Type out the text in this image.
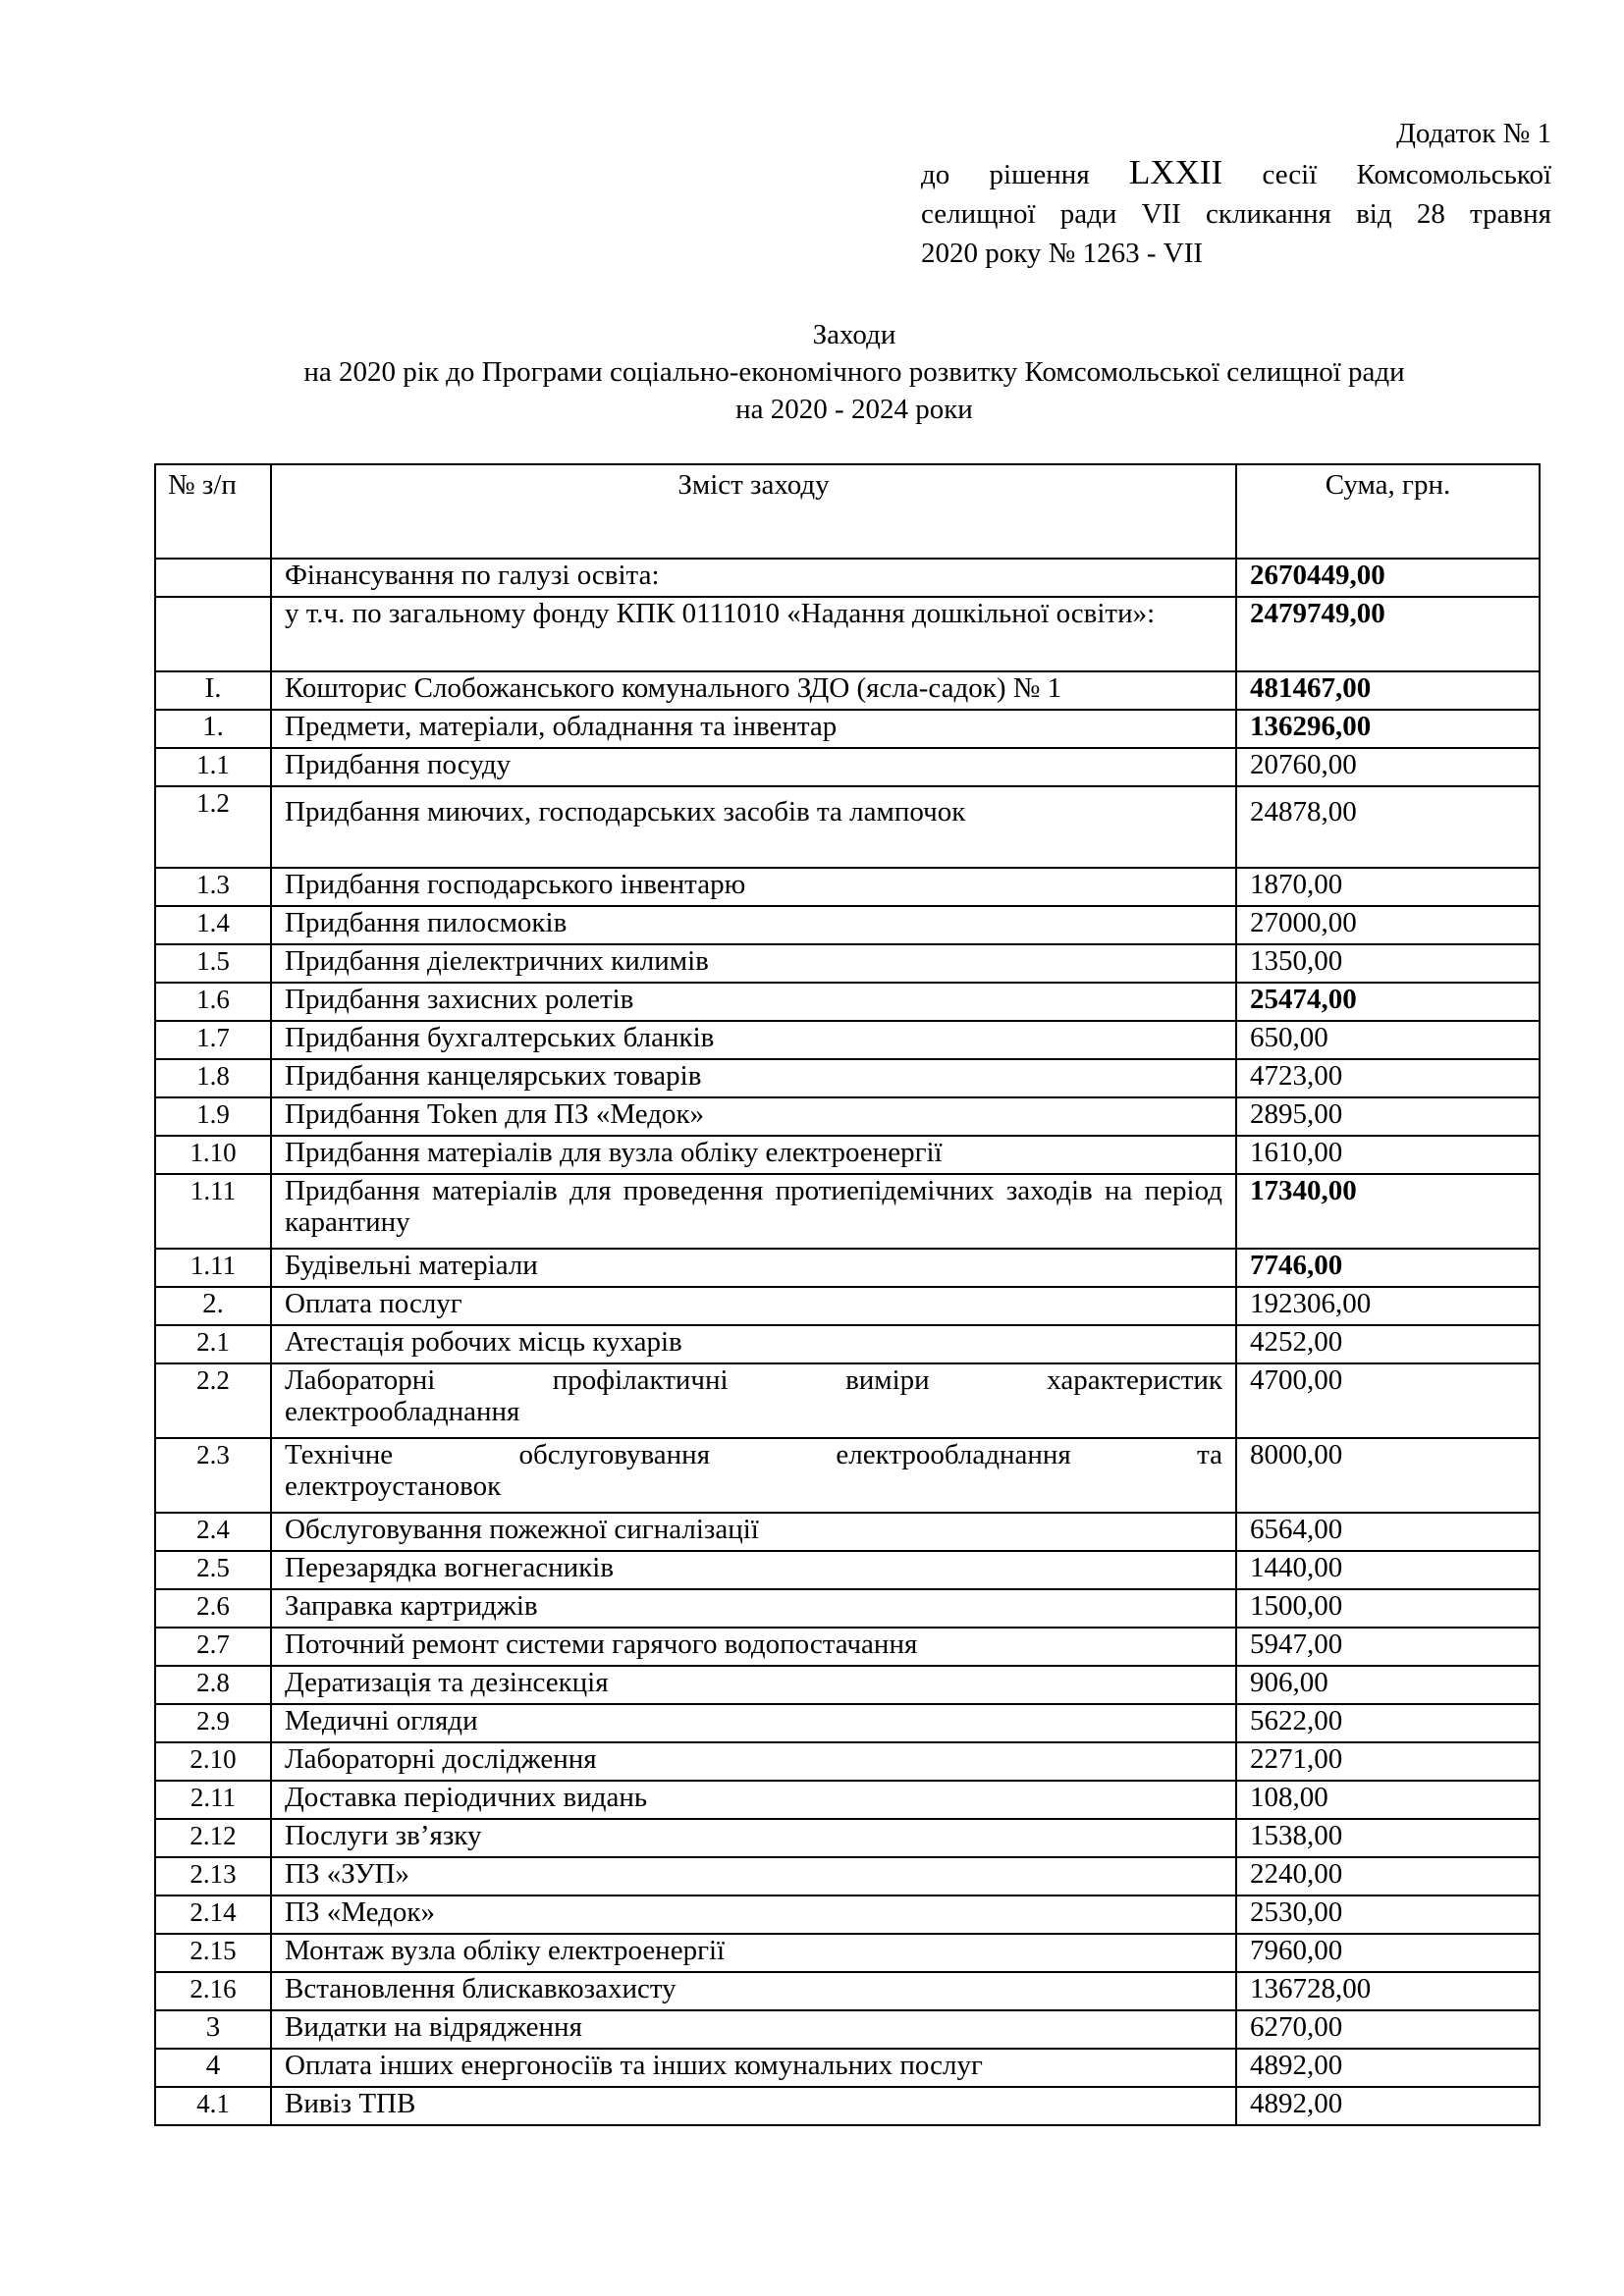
Додаток № 1
до рішення LXXII сесії Комсомольської
селищної ради VII скликання від 28 травня
2020 року № 1263 - VII
Заходи
на 2020 рік до Програми соціально-економічного розвитку Комсомольської селищної ради
на 2020 - 2024 роки
№ з/п	Зміст заходу	Сума, грн.
	Фінансування по галузі освіта:	2670449,00
	у т.ч. по загальному фонду КПК 0111010 «Надання дошкільної освіти»:	2479749,00
І.	Кошторис Слобожанського комунального ЗДО (ясла-садок) № 1	481467,00
1.	Предмети, матеріали, обладнання та інвентар	136296,00
1.1	Придбання посуду	20760,00
1.2	Придбання миючих, господарських засобів та лампочок	24878,00
1.3	Придбання господарського інвентарю	1870,00
1.4	Придбання пилосмоків	27000,00
1.5	Придбання діелектричних килимів	1350,00
1.6	Придбання захисних ролетів	25474,00
1.7	Придбання бухгалтерських бланків	650,00
1.8	Придбання канцелярських товарів	4723,00
1.9	Придбання Token для ПЗ «Медок»	2895,00
1.10	Придбання матеріалів для вузла обліку електроенергії	1610,00
1.11	Придбання матеріалів для проведення протиепідемічних заходів на період карантину	17340,00
1.11	Будівельні матеріали	7746,00
2.	Оплата послуг	192306,00
2.1	Атестація робочих місць кухарів	4252,00
2.2	Лабораторні профілактичні виміри характеристик
електрообладнання	4700,00
2.3	Технічне обслуговування електрообладнання та
електроустановок	8000,00
2.4	Обслуговування пожежної сигналізації	6564,00
2.5	Перезарядка вогнегасників	1440,00
2.6	Заправка картриджів	1500,00
2.7	Поточний ремонт системи гарячого водопостачання	5947,00
2.8	Дератизація та дезінсекція	906,00
2.9	Медичні огляди	5622,00
2.10	Лабораторні дослідження	2271,00
2.11	Доставка періодичних видань	108,00
2.12	Послуги зв’язку	1538,00
2.13	ПЗ «ЗУП»	2240,00
2.14	ПЗ «Медок»	2530,00
2.15	Монтаж вузла обліку електроенергії	7960,00
2.16	Встановлення блискавкозахисту	136728,00
3	Видатки на відрядження	6270,00
4	Оплата інших енергоносіїв та інших комунальних послуг	4892,00
4.1	Вивіз ТПВ	4892,00
